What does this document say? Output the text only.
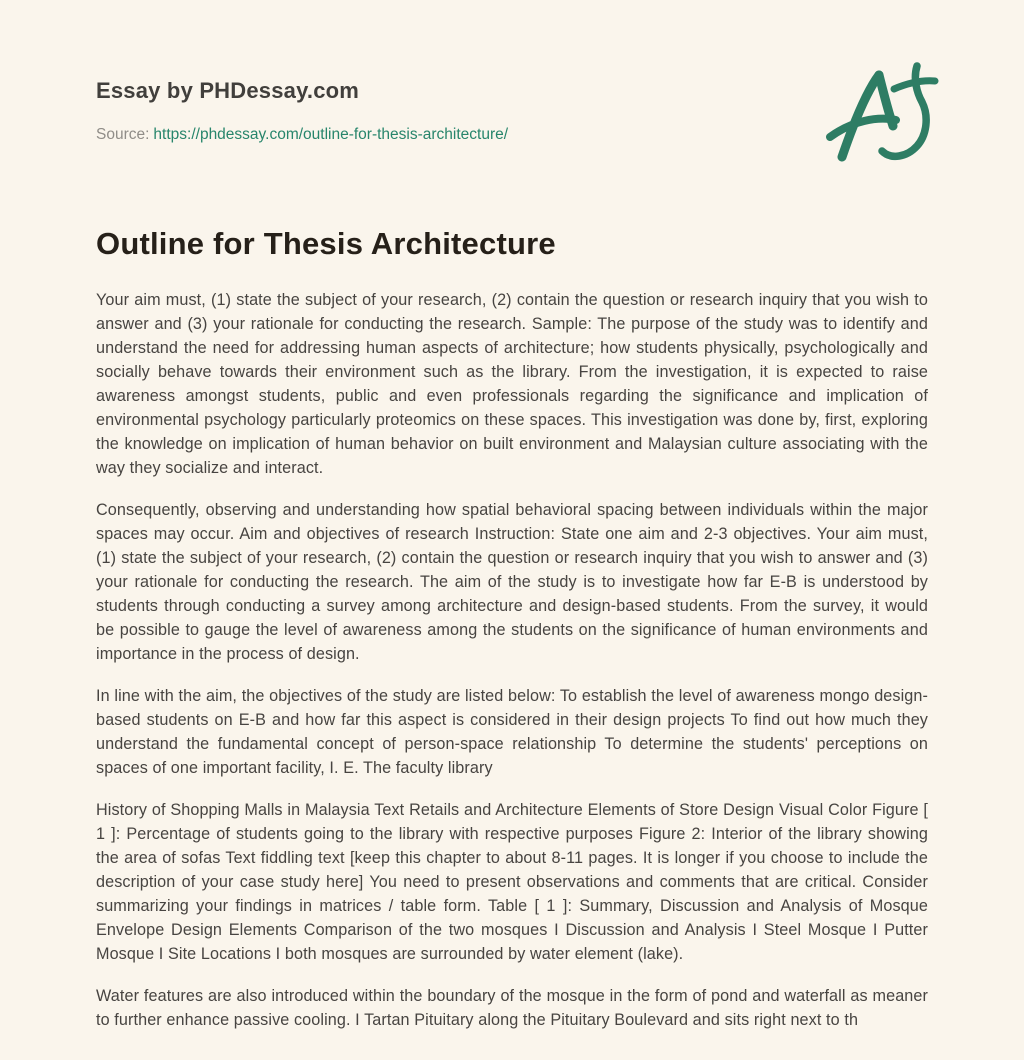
Essay by PHDessay.com
Source: https://phdessay.com/outline-for-thesis-architecture/
Outline for Thesis Architecture

Your aim must, (1) state the subject of your research, (2) contain the question or research inquiry that you wish to answer and (3) your rationale for conducting the research. Sample: The purpose of the study was to identify and understand the need for addressing human aspects of architecture; how students physically, psychologically and socially behave towards their environment such as the library. From the investigation, it is expected to raise awareness amongst students, public and even professionals regarding the significance and implication of environmental psychology particularly proteomics on these spaces. This investigation was done by, first, exploring the knowledge on implication of human behavior on built environment and Malaysian culture associating with the way they socialize and interact.

Consequently, observing and understanding how spatial behavioral spacing between individuals within the major spaces may occur. Aim and objectives of research Instruction: State one aim and 2-3 objectives. Your aim must, (1) state the subject of your research, (2) contain the question or research inquiry that you wish to answer and (3) your rationale for conducting the research. The aim of the study is to investigate how far E-B is understood by students through conducting a survey among architecture and design-based students. From the survey, it would be possible to gauge the level of awareness among the students on the significance of human environments and importance in the process of design.

In line with the aim, the objectives of the study are listed below: To establish the level of awareness mongo design-based students on E-B and how far this aspect is considered in their design projects To find out how much they understand the fundamental concept of person-space relationship To determine the students' perceptions on spaces of one important facility, I. E. The faculty library

History of Shopping Malls in Malaysia Text Retails and Architecture Elements of Store Design Visual Color Figure [ 1 ]: Percentage of students going to the library with respective purposes Figure 2: Interior of the library showing the area of sofas Text fiddling text [keep this chapter to about 8-11 pages. It is longer if you choose to include the description of your case study here] You need to present observations and comments that are critical. Consider summarizing your findings in matrices / table form. Table [ 1 ]: Summary, Discussion and Analysis of Mosque Envelope Design Elements Comparison of the two mosques I Discussion and Analysis I Steel Mosque I Putter Mosque I Site Locations I both mosques are surrounded by water element (lake).

Water features are also introduced within the boundary of the mosque in the form of pond and waterfall as meaner to further enhance passive cooling. I Tartan Pituitary along the Pituitary Boulevard and sits right next to th
